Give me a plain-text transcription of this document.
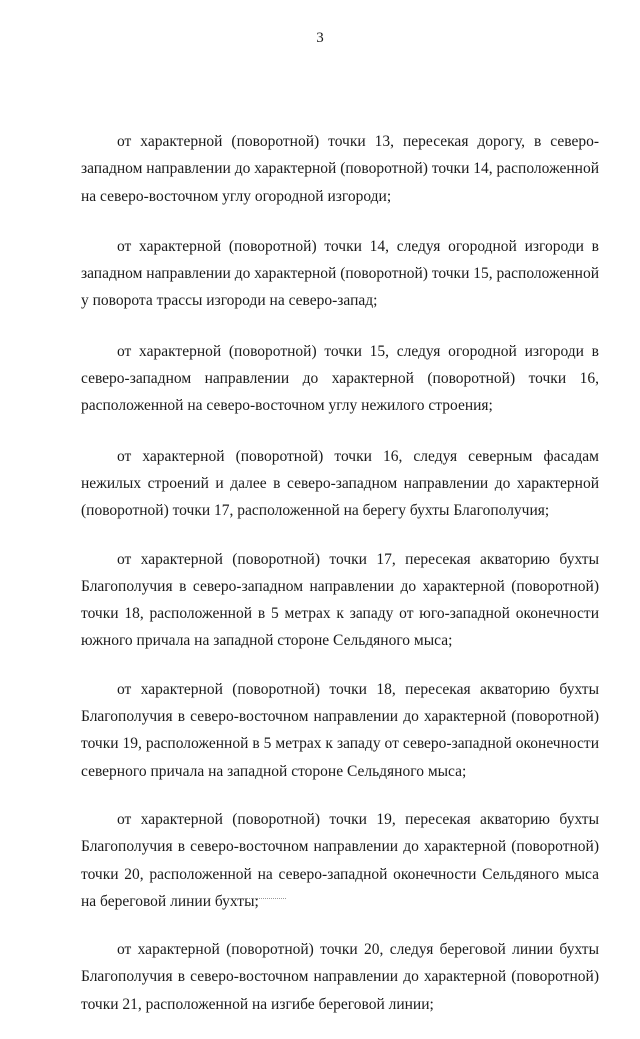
3

от характерной (поворотной) точки 13, пересекая дорогу, в северо-западном направлении до характерной (поворотной) точки 14, расположенной на северо-восточном углу огородной изгороди;

от характерной (поворотной) точки 14, следуя огородной изгороди в западном направлении до характерной (поворотной) точки 15, расположенной у поворота трассы изгороди на северо-запад;

от характерной (поворотной) точки 15, следуя огородной изгороди в северо-западном направлении до характерной (поворотной) точки 16, расположенной на северо-восточном углу нежилого строения;

от характерной (поворотной) точки 16, следуя северным фасадам нежилых строений и далее в северо-западном направлении до характерной (поворотной) точки 17, расположенной на берегу бухты Благополучия;

от характерной (поворотной) точки 17, пересекая акваторию бухты Благополучия в северо-западном направлении до характерной (поворотной) точки 18, расположенной в 5 метрах к западу от юго-западной оконечности южного причала на западной стороне Сельдяного мыса;

от характерной (поворотной) точки 18, пересекая акваторию бухты Благополучия в северо-восточном направлении до характерной (поворотной) точки 19, расположенной в 5 метрах к западу от северо-западной оконечности северного причала на западной стороне Сельдяного мыса;

от характерной (поворотной) точки 19, пересекая акваторию бухты Благополучия в северо-восточном направлении до характерной (поворотной) точки 20, расположенной на северо-западной оконечности Сельдяного мыса на береговой линии бухты;

от характерной (поворотной) точки 20, следуя береговой линии бухты Благополучия в северо-восточном направлении до характерной (поворотной) точки 21, расположенной на изгибе береговой линии;
